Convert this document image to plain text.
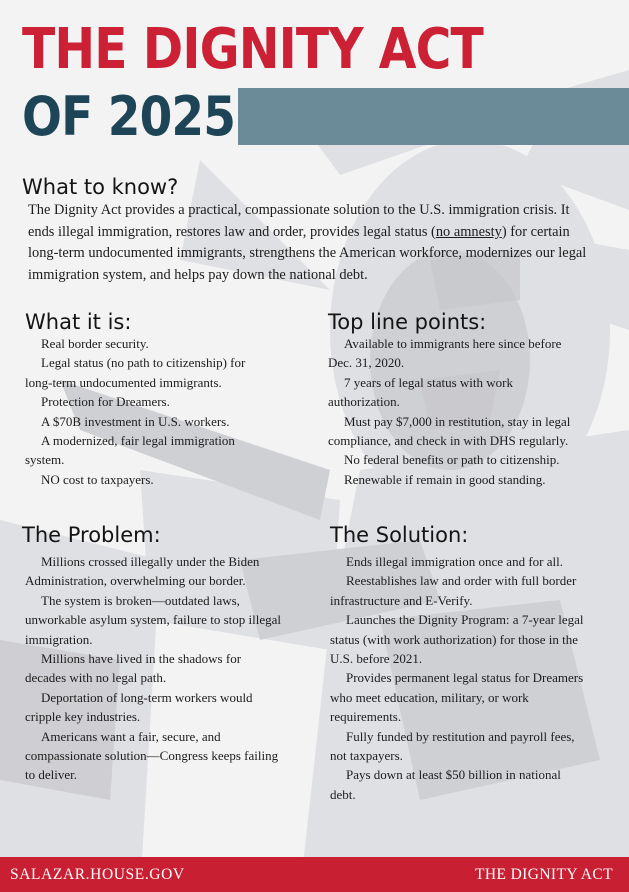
THE DIGNITY ACT
OF 2025
What to know?

The Dignity Act provides a practical, compassionate solution to the U.S. immigration crisis. It ends illegal immigration, restores law and order, provides legal status (no amnesty) for certain long-term undocumented immigrants, strengthens the American workforce, modernizes our legal immigration system, and helps pay down the national debt.

What it is:
Real border security.
Legal status (no path to citizenship) for long-term undocumented immigrants.
Protection for Dreamers.
A $70B investment in U.S. workers.
A modernized, fair legal immigration system.
NO cost to taxpayers.
Top line points:
Available to immigrants here since before Dec. 31, 2020.
7 years of legal status with work authorization.
Must pay $7,000 in restitution, stay in legal compliance, and check in with DHS regularly.
No federal benefits or path to citizenship.
Renewable if remain in good standing.
The Problem:
Millions crossed illegally under the Biden Administration, overwhelming our border.
The system is broken—outdated laws, unworkable asylum system, failure to stop illegal immigration.
Millions have lived in the shadows for decades with no legal path.
Deportation of long-term workers would cripple key industries.
Americans want a fair, secure, and compassionate solution—Congress keeps failing to deliver.
The Solution:
Ends illegal immigration once and for all.
Reestablishes law and order with full border infrastructure and E-Verify.
Launches the Dignity Program: a 7-year legal status (with work authorization) for those in the U.S. before 2021.
Provides permanent legal status for Dreamers who meet education, military, or work requirements.
Fully funded by restitution and payroll fees, not taxpayers.
Pays down at least $50 billion in national debt.
SALAZAR.HOUSE.GOV	THE DIGNITY ACT
